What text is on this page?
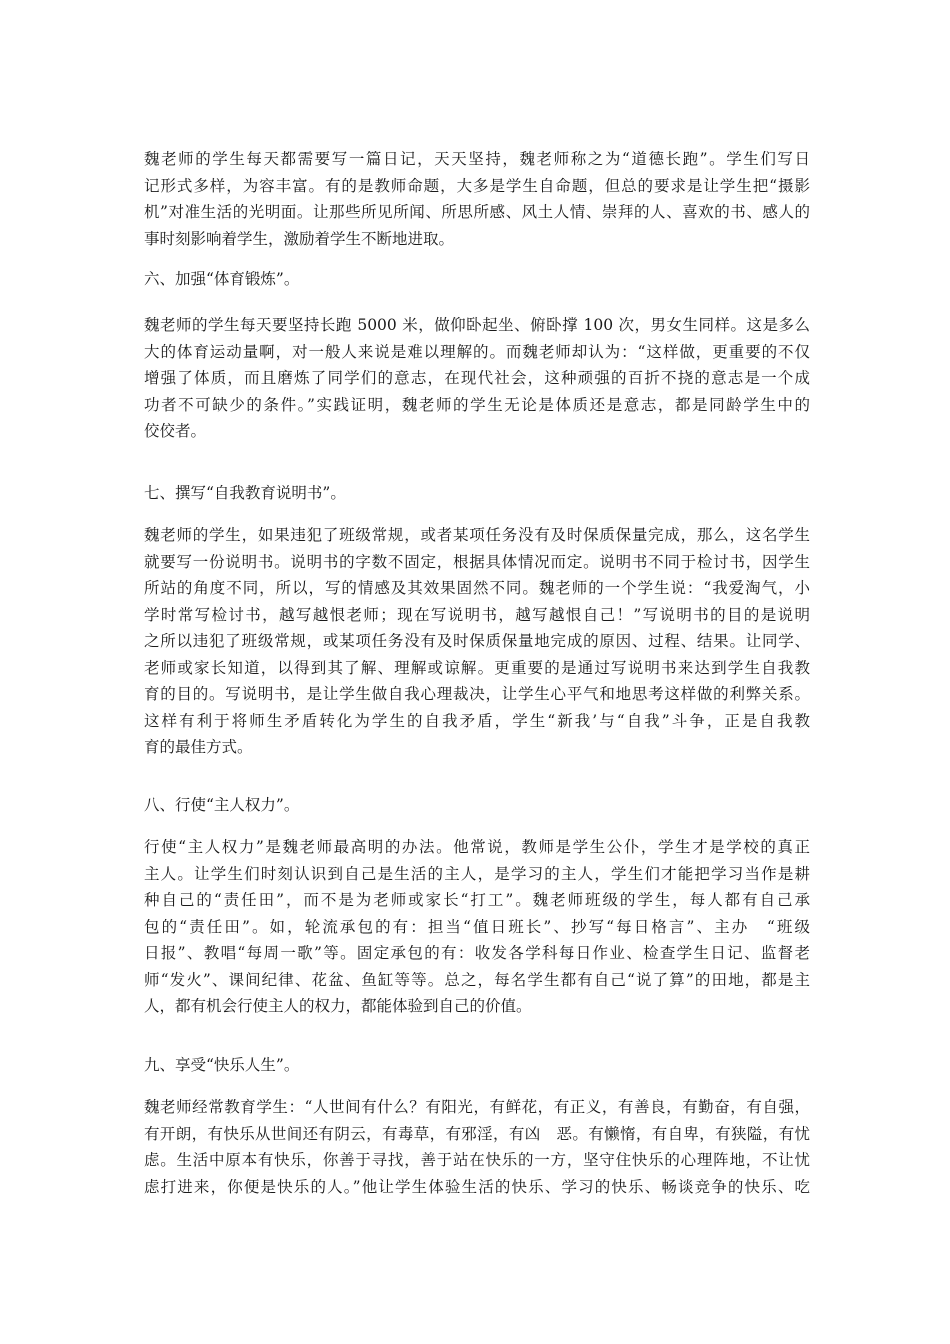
魏老师的学生每天都需要写一篇日记，天天坚持，魏老师称之为“道德长跑”。学生们写日
记形式多样，为容丰富。有的是教师命题，大多是学生自命题，但总的要求是让学生把“摄影
机”对准生活的光明面。让那些所见所闻、所思所感、风土人情、崇拜的人、喜欢的书、感人的
事时刻影响着学生，激励着学生不断地进取。
六、加强“体育锻炼”。
魏老师的学生每天要坚持长跑 5000 米，做仰卧起坐、俯卧撑 100 次，男女生同样。这是多么
大的体育运动量啊，对一般人来说是难以理解的。而魏老师却认为：“这样做，更重要的不仅
增强了体质，而且磨炼了同学们的意志，在现代社会，这种顽强的百折不挠的意志是一个成
功者不可缺少的条件。”实践证明，魏老师的学生无论是体质还是意志，都是同龄学生中的
佼佼者。
七、撰写“自我教育说明书”。
魏老师的学生，如果违犯了班级常规，或者某项任务没有及时保质保量完成，那么，这名学生
就要写一份说明书。说明书的字数不固定，根据具体情况而定。说明书不同于检讨书，因学生
所站的角度不同，所以，写的情感及其效果固然不同。魏老师的一个学生说：“我爱淘气，小
学时常写检讨书，越写越恨老师；现在写说明书，越写越恨自己！”写说明书的目的是说明
之所以违犯了班级常规，或某项任务没有及时保质保量地完成的原因、过程、结果。让同学、
老师或家长知道，以得到其了解、理解或谅解。更重要的是通过写说明书来达到学生自我教
育的目的。写说明书，是让学生做自我心理裁决，让学生心平气和地思考这样做的利弊关系。
这样有利于将师生矛盾转化为学生的自我矛盾，学生“新我’与“自我”斗争，正是自我教
育的最佳方式。
八、行使“主人权力”。
行使“主人权力”是魏老师最高明的办法。他常说，教师是学生公仆，学生才是学校的真正
主人。让学生们时刻认识到自己是生活的主人，是学习的主人，学生们才能把学习当作是耕
种自己的“责任田”，而不是为老师或家长“打工”。魏老师班级的学生，每人都有自己承
包的“责任田”。如，轮流承包的有：担当“值日班长”、抄写“每日格言”、主办　“班级
日报”、教唱“每周一歌”等。固定承包的有：收发各学科每日作业、检查学生日记、监督老
师“发火”、课间纪律、花盆、鱼缸等等。总之，每名学生都有自己“说了算”的田地，都是主
人，都有机会行使主人的权力，都能体验到自己的价值。
九、享受“快乐人生”。
魏老师经常教育学生：“人世间有什么？有阳光，有鲜花，有正义，有善良，有勤奋，有自强，
有开朗，有快乐从世间还有阴云，有毒草，有邪淫，有凶　恶。有懒惰，有自卑，有狭隘，有忧
虑。生活中原本有快乐，你善于寻找，善于站在快乐的一方，坚守住快乐的心理阵地，不让忧
虑打进来，你便是快乐的人。”他让学生体验生活的快乐、学习的快乐、畅谈竞争的快乐、吃
